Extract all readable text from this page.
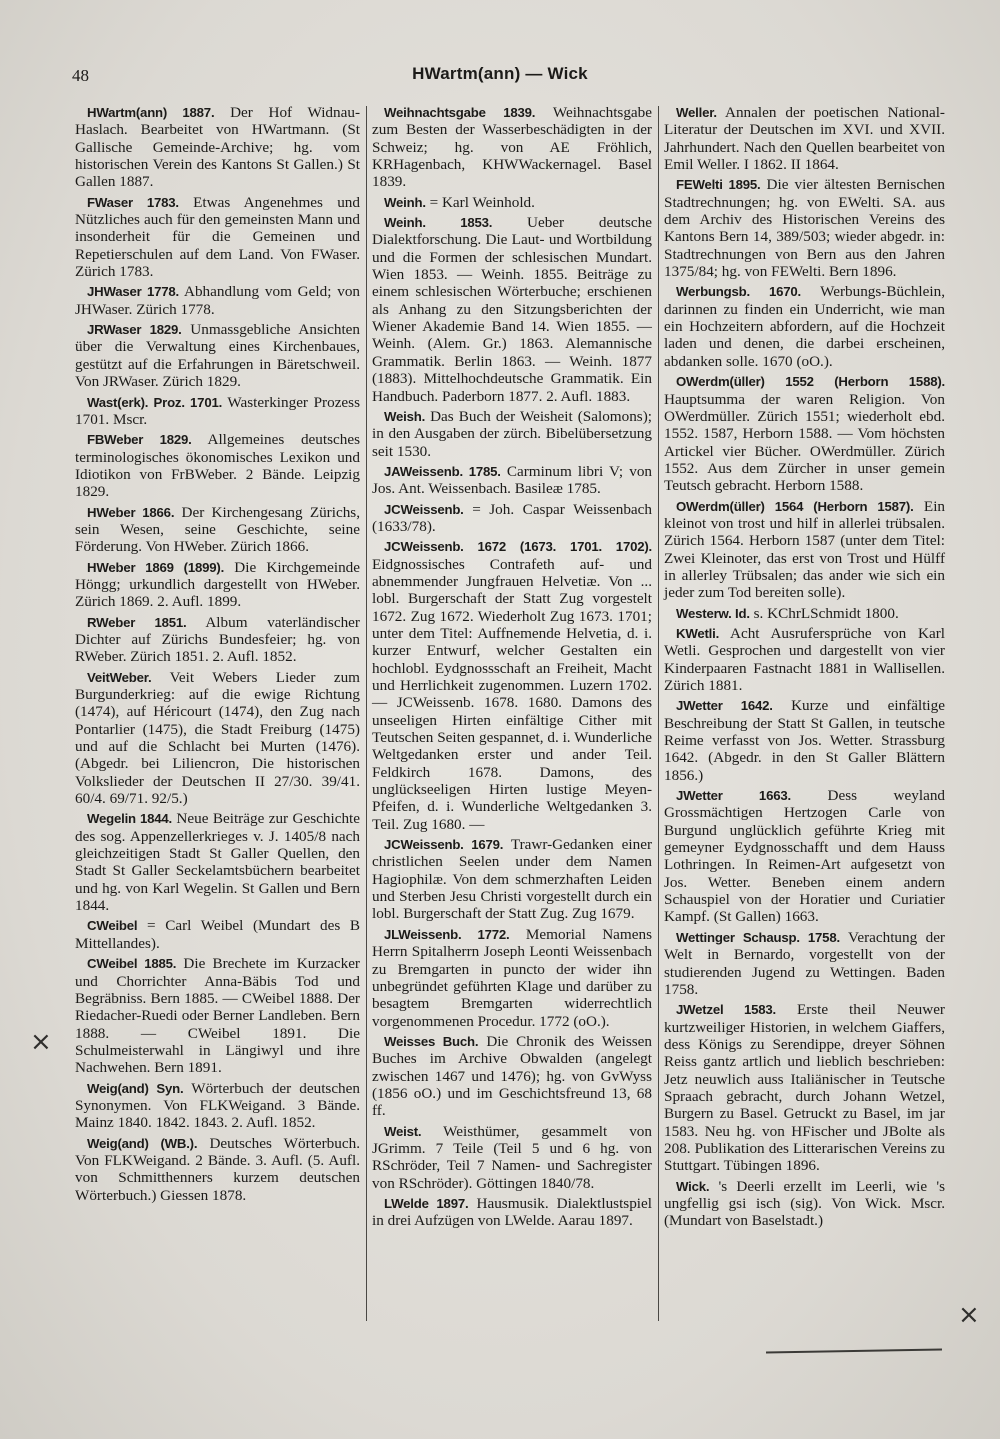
48	HWartm(ann) — Wick

HWartm(ann) 1887. Der Hof Widnau-Haslach. Bearbeitet von HWartmann. (St Gallische Gemeinde-Archive; hg. vom historischen Verein des Kantons St Gallen.) St Gallen 1887.

FWaser 1783. Etwas Angenehmes und Nützliches auch für den gemeinsten Mann und insonderheit für die Gemeinen und Repetierschulen auf dem Land. Von FWaser. Zürich 1783.

JHWaser 1778. Abhandlung vom Geld; von JHWaser. Zürich 1778.

JRWaser 1829. Unmassgebliche Ansichten über die Verwaltung eines Kirchenbaues, gestützt auf die Erfahrungen in Bäretschweil. Von JRWaser. Zürich 1829.

Wast(erk). Proz. 1701. Wasterkinger Prozess 1701. Mscr.

FBWeber 1829. Allgemeines deutsches terminologisches ökonomisches Lexikon und Idiotikon von FrBWeber. 2 Bände. Leipzig 1829.

HWeber 1866. Der Kirchengesang Zürichs, sein Wesen, seine Geschichte, seine Förderung. Von HWeber. Zürich 1866.

HWeber 1869 (1899). Die Kirchgemeinde Höngg; urkundlich dargestellt von HWeber. Zürich 1869. 2. Aufl. 1899.

RWeber 1851. Album vaterländischer Dichter auf Zürichs Bundesfeier; hg. von RWeber. Zürich 1851. 2. Aufl. 1852.

VeitWeber. Veit Webers Lieder zum Burgunderkrieg: auf die ewige Richtung (1474), auf Héricourt (1474), den Zug nach Pontarlier (1475), die Stadt Freiburg (1475) und auf die Schlacht bei Murten (1476). (Abgedr. bei Liliencron, Die historischen Volkslieder der Deutschen II 27/30. 39/41. 60/4. 69/71. 92/5.)

Wegelin 1844. Neue Beiträge zur Geschichte des sog. Appenzellerkrieges v. J. 1405/8 nach gleichzeitigen Stadt St Galler Quellen, den Stadt St Galler Seckelamtsbüchern bearbeitet und hg. von Karl Wegelin. St Gallen und Bern 1844.

CWeibel = Carl Weibel (Mundart des B Mittellandes).

CWeibel 1885. Die Brechete im Kurzacker und Chorrichter Anna-Bäbis Tod und Begräbniss. Bern 1885. — CWeibel 1888. Der Riedacher-Ruedi oder Berner Landleben. Bern 1888. — CWeibel 1891. Die Schulmeisterwahl in Längiwyl und ihre Nachwehen. Bern 1891.

Weig(and) Syn. Wörterbuch der deutschen Synonymen. Von FLKWeigand. 3 Bände. Mainz 1840. 1842. 1843. 2. Aufl. 1852.

Weig(and) (WB.). Deutsches Wörterbuch. Von FLKWeigand. 2 Bände. 3. Aufl. (5. Aufl. von Schmitthenners kurzem deutschen Wörterbuch.) Giessen 1878.

Weihnachtsgabe 1839. Weihnachtsgabe zum Besten der Wasserbeschädigten in der Schweiz; hg. von AE Fröhlich, KRHagenbach, KHWWackernagel. Basel 1839.

Weinh. = Karl Weinhold.

Weinh. 1853. Ueber deutsche Dialektforschung. Die Laut- und Wortbildung und die Formen der schlesischen Mundart. Wien 1853. — Weinh. 1855. Beiträge zu einem schlesischen Wörterbuche; erschienen als Anhang zu den Sitzungsberichten der Wiener Akademie Band 14. Wien 1855. — Weinh. (Alem. Gr.) 1863. Alemannische Grammatik. Berlin 1863. — Weinh. 1877 (1883). Mittelhochdeutsche Grammatik. Ein Handbuch. Paderborn 1877. 2. Aufl. 1883.

Weish. Das Buch der Weisheit (Salomons); in den Ausgaben der zürch. Bibelübersetzung seit 1530.

JAWeissenb. 1785. Carminum libri V; von Jos. Ant. Weissenbach. Basileæ 1785.

JCWeissenb. = Joh. Caspar Weissenbach (1633/78).

JCWeissenb. 1672 (1673. 1701. 1702). Eidgnossisches Contrafeth auf- und abnemmender Jungfrauen Helvetiæ. Von ... lobl. Burgerschaft der Statt Zug vorgestelt 1672. Zug 1672. Wiederholt Zug 1673. 1701; unter dem Titel: Auffnemende Helvetia, d. i. kurzer Entwurf, welcher Gestalten ein hochlobl. Eydgnossschaft an Freiheit, Macht und Herrlichkeit zugenommen. Luzern 1702. — JCWeissenb. 1678. 1680. Damons des unseeligen Hirten einfältige Cither mit Teutschen Seiten gespannet, d. i. Wunderliche Weltgedanken erster und ander Teil. Feldkirch 1678. Damons, des unglückseeligen Hirten lustige Meyen-Pfeifen, d. i. Wunderliche Weltgedanken 3. Teil. Zug 1680. —

JCWeissenb. 1679. Trawr-Gedanken einer christlichen Seelen under dem Namen Hagiophilæ. Von dem schmerzhaften Leiden und Sterben Jesu Christi vorgestellt durch ein lobl. Burgerschaft der Statt Zug. Zug 1679.

JLWeissenb. 1772. Memorial Namens Herrn Spitalherrn Joseph Leonti Weissenbach zu Bremgarten in puncto der wider ihn unbegründet geführten Klage und darüber zu besagtem Bremgarten widerrechtlich vorgenommenen Procedur. 1772 (oO.).

Weisses Buch. Die Chronik des Weissen Buches im Archive Obwalden (angelegt zwischen 1467 und 1476); hg. von GvWyss (1856 oO.) und im Geschichtsfreund 13, 68 ff.

Weist. Weisthümer, gesammelt von JGrimm. 7 Teile (Teil 5 und 6 hg. von RSchröder, Teil 7 Namen- und Sachregister von RSchröder). Göttingen 1840/78.

LWelde 1897. Hausmusik. Dialektlustspiel in drei Aufzügen von LWelde. Aarau 1897.

Weller. Annalen der poetischen National-Literatur der Deutschen im XVI. und XVII. Jahrhundert. Nach den Quellen bearbeitet von Emil Weller. I 1862. II 1864.

FEWelti 1895. Die vier ältesten Bernischen Stadtrechnungen; hg. von EWelti. SA. aus dem Archiv des Historischen Vereins des Kantons Bern 14, 389/503; wieder abgedr. in: Stadtrechnungen von Bern aus den Jahren 1375/84; hg. von FEWelti. Bern 1896.

Werbungsb. 1670. Werbungs-Büchlein, darinnen zu finden ein Underricht, wie man ein Hochzeitern abfordern, auf die Hochzeit laden und denen, die darbei erscheinen, abdanken solle. 1670 (oO.).

OWerdm(üller) 1552 (Herborn 1588). Hauptsumma der waren Religion. Von OWerdmüller. Zürich 1551; wiederholt ebd. 1552. 1587, Herborn 1588. — Vom höchsten Artickel vier Bücher. OWerdmüller. Zürich 1552. Aus dem Zürcher in unser gemein Teutsch gebracht. Herborn 1588.

OWerdm(üller) 1564 (Herborn 1587). Ein kleinot von trost und hilf in allerlei trübsalen. Zürich 1564. Herborn 1587 (unter dem Titel: Zwei Kleinoter, das erst von Trost und Hülff in allerley Trübsalen; das ander wie sich ein jeder zum Tod bereiten solle).

Westerw. Id. s. KChrLSchmidt 1800.

KWetli. Acht Ausrufersprüche von Karl Wetli. Gesprochen und dargestellt von vier Kinderpaaren Fastnacht 1881 in Wallisellen. Zürich 1881.

JWetter 1642. Kurze und einfältige Beschreibung der Statt St Gallen, in teutsche Reime verfasst von Jos. Wetter. Strassburg 1642. (Abgedr. in den St Galler Blättern 1856.)

JWetter 1663. Dess weyland Grossmächtigen Hertzogen Carle von Burgund unglücklich geführte Krieg mit gemeyner Eydgnosschafft und dem Hauss Lothringen. In Reimen-Art aufgesetzt von Jos. Wetter. Beneben einem andern Schauspiel von der Horatier und Curiatier Kampf. (St Gallen) 1663.

Wettinger Schausp. 1758. Verachtung der Welt in Bernardo, vorgestellt von der studierenden Jugend zu Wettingen. Baden 1758.

JWetzel 1583. Erste theil Neuwer kurtzweiliger Historien, in welchem Giaffers, dess Königs zu Serendippe, dreyer Söhnen Reiss gantz artlich und lieblich beschrieben: Jetz neuwlich auss Italiänischer in Teutsche Spraach gebracht, durch Johann Wetzel, Burgern zu Basel. Getruckt zu Basel, im jar 1583. Neu hg. von HFischer und JBolte als 208. Publikation des Litterarischen Vereins zu Stuttgart. Tübingen 1896.

Wick. 's Deerli erzellt im Leerli, wie 's ungfellig gsi isch (sig). Von Wick. Mscr. (Mundart von Baselstadt.)

×
×
